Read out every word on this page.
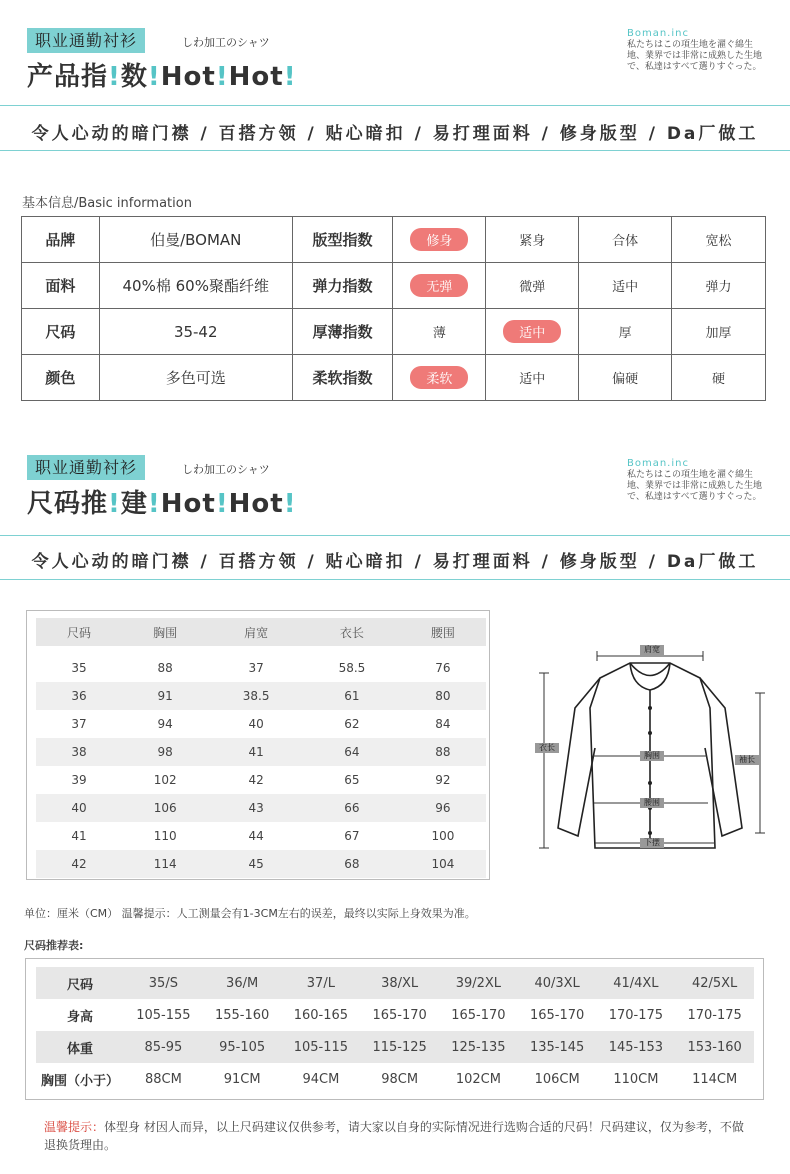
职业通勤衬衫	しわ加工のシャツ
产品指!数!Hot!Hot!
Boman.inc
私たちはこの項生地を濯ぐ綿生地、業界では非常に成熟した生地で、私達はすべて選りすぐった。
令人心动的暗门襟 / 百搭方领 / 贴心暗扣 / 易打理面料 / 修身版型 / Da厂做工
基本信息/Basic information
品牌	伯曼/BOMAN	版型指数	修身	紧身	合体	宽松
面料	40%棉 60%聚酯纤维	弹力指数	无弹	微弹	适中	弹力
尺码	35-42	厚薄指数	薄	适中	厚	加厚
颜色	多色可选	柔软指数	柔软	适中	偏硬	硬
职业通勤衬衫	しわ加工のシャツ
尺码推!建!Hot!Hot!
Boman.inc
私たちはこの項生地を濯ぐ綿生地、業界では非常に成熟した生地で、私達はすべて選りすぐった。
令人心动的暗门襟 / 百搭方领 / 贴心暗扣 / 易打理面料 / 修身版型 / Da厂做工
尺码	胸围	肩宽	衣长	腰围

35	88	37	58.5	76
36	91	38.5	61	80
37	94	40	62	84
38	98	41	64	88
39	102	42	65	92
40	106	43	66	96
41	110	44	67	100
42	114	45	68	104
肩宽
衣长
胸围	袖长
腰围
下摆
单位：厘米（CM） 温馨提示：人工测量会有1-3CM左右的误差，最终以实际上身效果为准。
尺码推荐表:
尺码	35/S	36/M	37/L	38/XL	39/2XL	40/3XL	41/4XL	42/5XL
身高	105-155	155-160	160-165	165-170	165-170	165-170	170-175	170-175
体重	85-95	95-105	105-115	115-125	125-135	135-145	145-153	153-160
胸围（小于）	88CM	91CM	94CM	98CM	102CM	106CM	110CM	114CM
温馨提示：体型身 材因人而异，以上尺码建议仅供参考，请大家以自身的实际情况进行选购合适的尺码！尺码建议，仅为参考，不做退换货理由。
